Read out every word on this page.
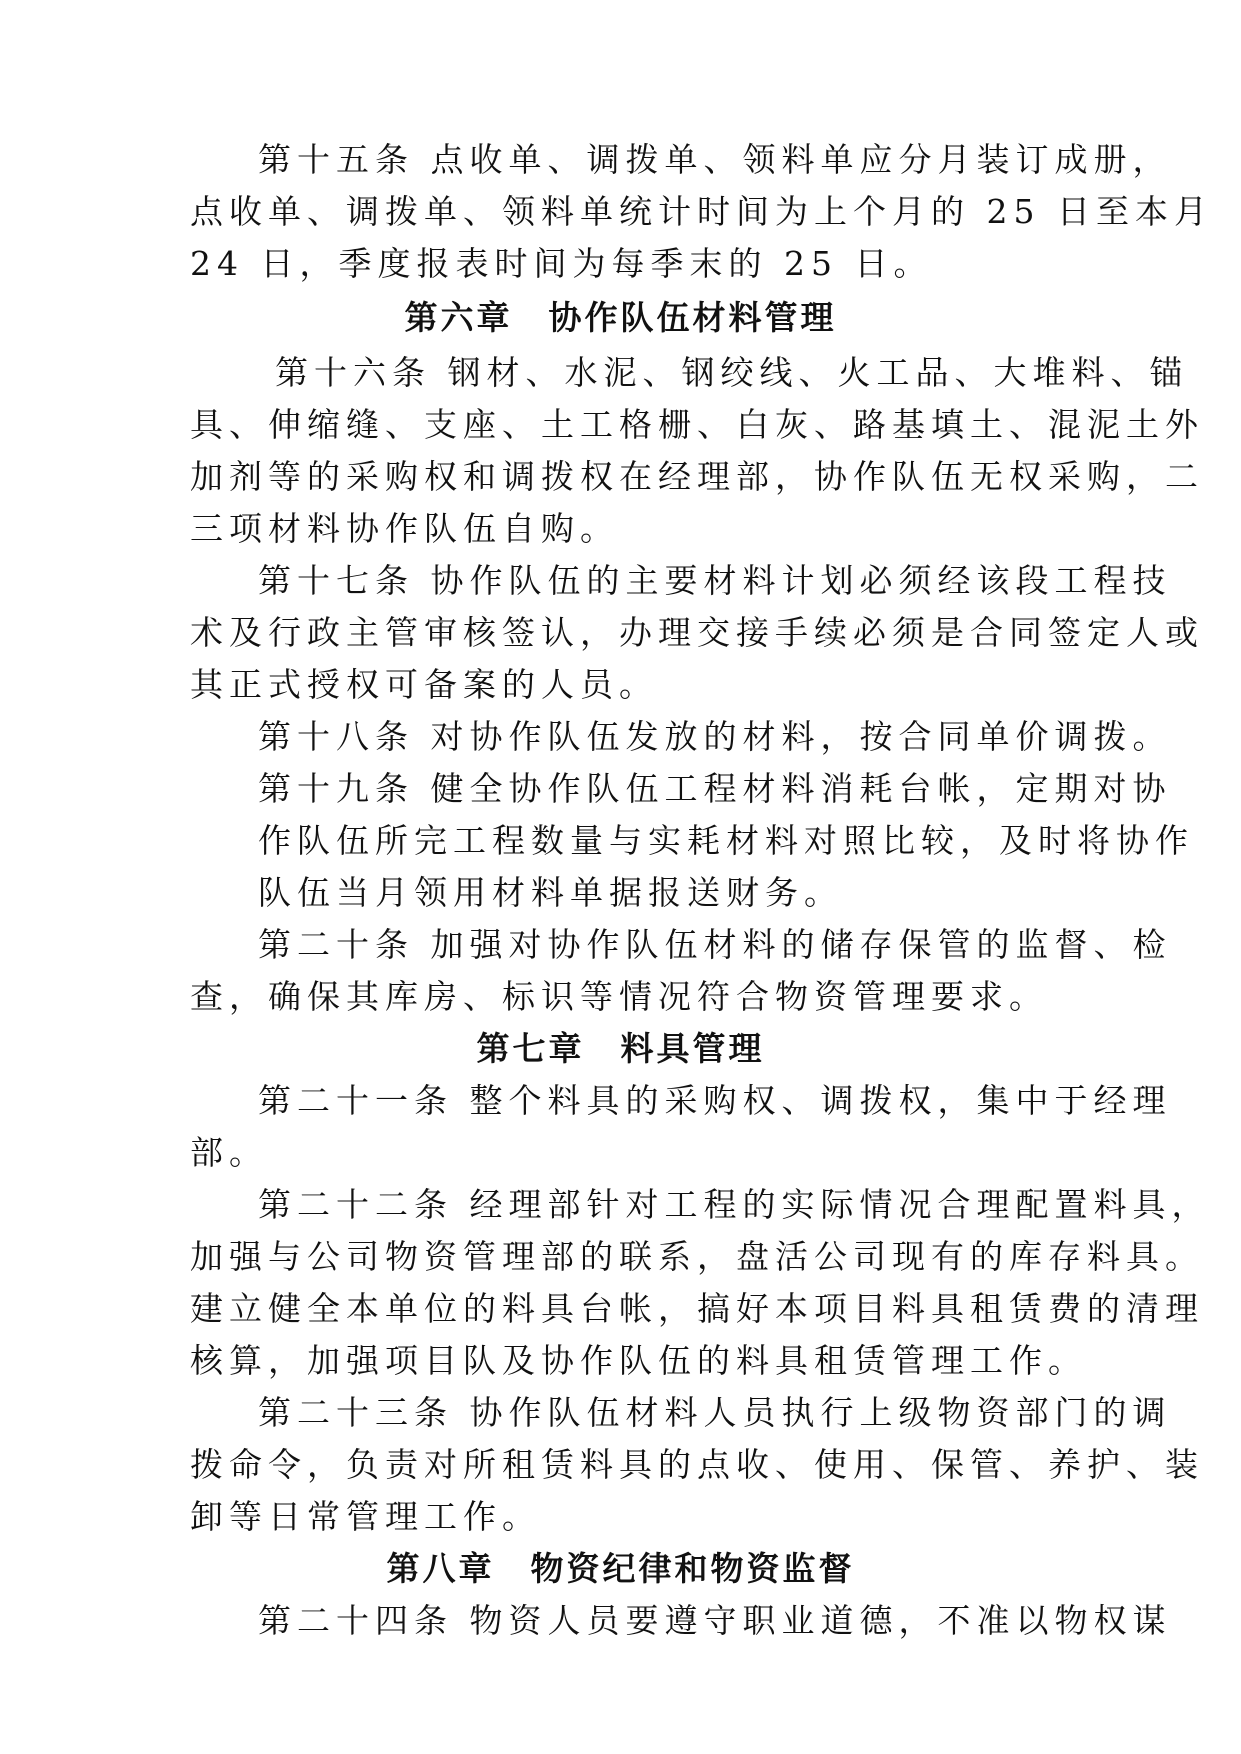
第十五条 点收单、调拨单、领料单应分月装订成册，
点收单、调拨单、领料单统计时间为上个月的 25 日至本月
24 日，季度报表时间为每季末的 25 日。
第六章　协作队伍材料管理
第十六条 钢材、水泥、钢绞线、火工品、大堆料、锚
具、伸缩缝、支座、土工格栅、白灰、路基填土、混泥土外
加剂等的采购权和调拨权在经理部，协作队伍无权采购，二
三项材料协作队伍自购。
第十七条 协作队伍的主要材料计划必须经该段工程技
术及行政主管审核签认，办理交接手续必须是合同签定人或
其正式授权可备案的人员。
第十八条 对协作队伍发放的材料，按合同单价调拨。
第十九条 健全协作队伍工程材料消耗台帐，定期对协
作队伍所完工程数量与实耗材料对照比较，及时将协作
队伍当月领用材料单据报送财务。
第二十条 加强对协作队伍材料的储存保管的监督、检
查，确保其库房、标识等情况符合物资管理要求。
第七章　料具管理
第二十一条 整个料具的采购权、调拨权，集中于经理
部。
第二十二条 经理部针对工程的实际情况合理配置料具，
加强与公司物资管理部的联系，盘活公司现有的库存料具。
建立健全本单位的料具台帐，搞好本项目料具租赁费的清理
核算，加强项目队及协作队伍的料具租赁管理工作。
第二十三条 协作队伍材料人员执行上级物资部门的调
拨命令，负责对所租赁料具的点收、使用、保管、养护、装
卸等日常管理工作。
第八章　物资纪律和物资监督
第二十四条 物资人员要遵守职业道德，不准以物权谋
